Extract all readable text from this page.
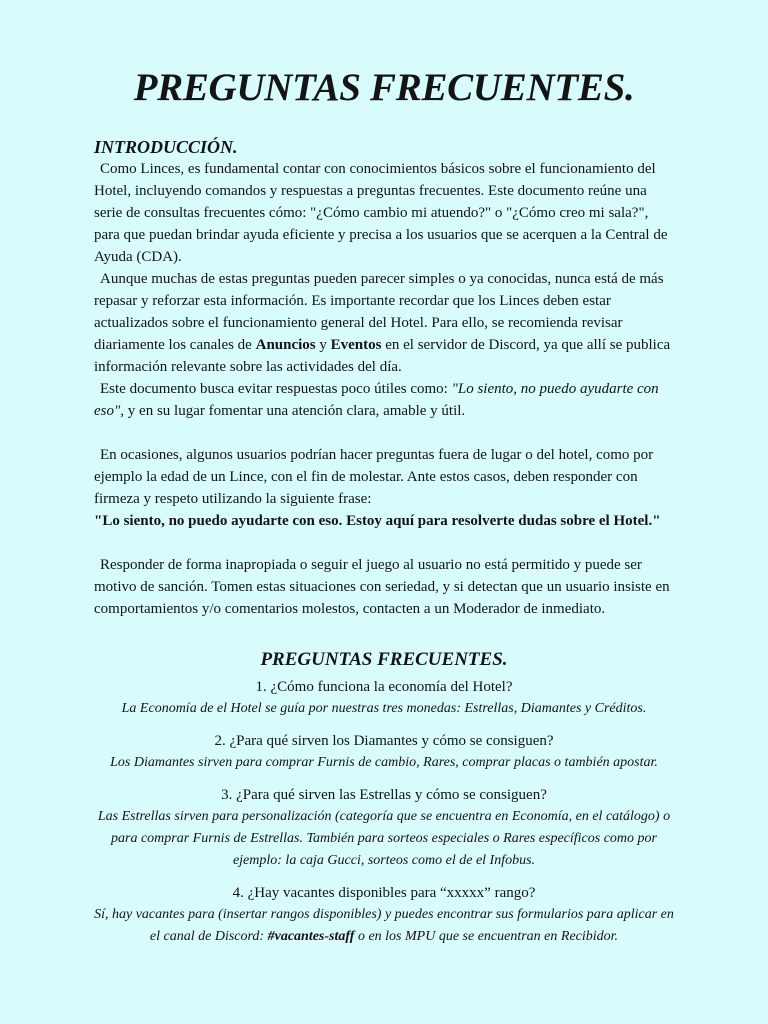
PREGUNTAS FRECUENTES.
INTRODUCCIÓN.

Como Linces, es fundamental contar con conocimientos básicos sobre el funcionamiento del Hotel, incluyendo comandos y respuestas a preguntas frecuentes. Este documento reúne una serie de consultas frecuentes cómo: "¿Cómo cambio mi atuendo?" o "¿Cómo creo mi sala?", para que puedan brindar ayuda eficiente y precisa a los usuarios que se acerquen a la Central de Ayuda (CDA).

Aunque muchas de estas preguntas pueden parecer simples o ya conocidas, nunca está de más repasar y reforzar esta información. Es importante recordar que los Linces deben estar actualizados sobre el funcionamiento general del Hotel. Para ello, se recomienda revisar diariamente los canales de Anuncios y Eventos en el servidor de Discord, ya que allí se publica información relevante sobre las actividades del día.

Este documento busca evitar respuestas poco útiles como: "Lo siento, no puedo ayudarte con eso", y en su lugar fomentar una atención clara, amable y útil.

En ocasiones, algunos usuarios podrían hacer preguntas fuera de lugar o del hotel, como por ejemplo la edad de un Lince, con el fin de molestar. Ante estos casos, deben responder con firmeza y respeto utilizando la siguiente frase:

"Lo siento, no puedo ayudarte con eso. Estoy aquí para resolverte dudas sobre el Hotel."

Responder de forma inapropiada o seguir el juego al usuario no está permitido y puede ser motivo de sanción. Tomen estas situaciones con seriedad, y si detectan que un usuario insiste en comportamientos y/o comentarios molestos, contacten a un Moderador de inmediato.

PREGUNTAS FRECUENTES.

1. ¿Cómo funciona la economía del Hotel?

La Economía de el Hotel se guía por nuestras tres monedas: Estrellas, Diamantes y Créditos.

2. ¿Para qué sirven los Diamantes y cómo se consiguen?

Los Diamantes sirven para comprar Furnis de cambio, Rares, comprar placas o también apostar.

3. ¿Para qué sirven las Estrellas y cómo se consiguen?

Las Estrellas sirven para personalización (categoría que se encuentra en Economía, en el catálogo) o para comprar Furnis de Estrellas. También para sorteos especiales o Rares específicos como por ejemplo: la caja Gucci, sorteos como el de el Infobus.

4. ¿Hay vacantes disponibles para “xxxxx” rango?

Sí, hay vacantes para (insertar rangos disponibles) y puedes encontrar sus formularios para aplicar en el canal de Discord: #vacantes-staff o en los MPU que se encuentran en Recibidor.
